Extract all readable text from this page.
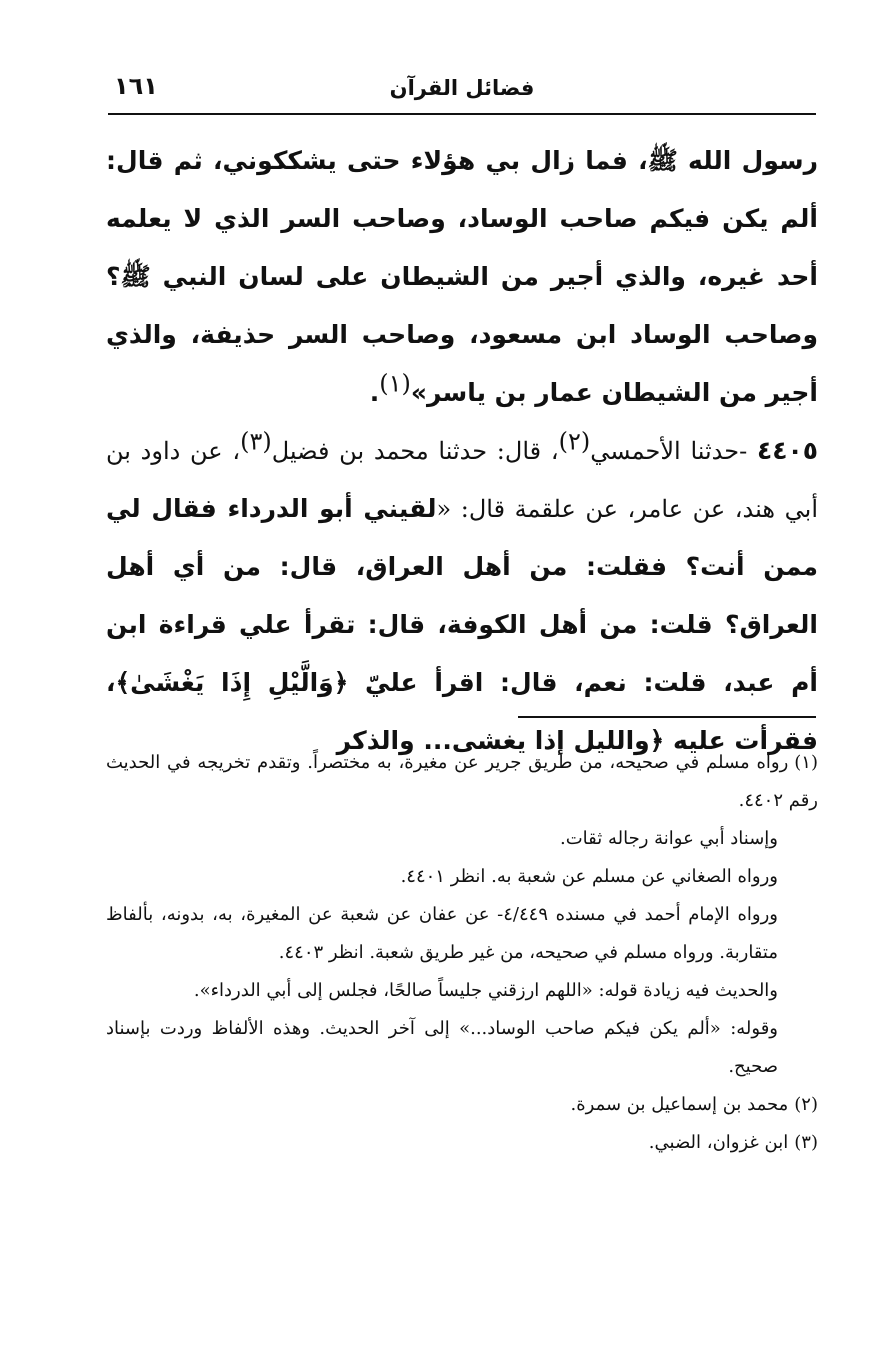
فضائل القرآن
١٦١

رسول الله ﷺ، فما زال بي هؤلاء حتى يشككوني، ثم قال: ألم يكن فيكم صاحب الوساد، وصاحب السر الذي لا يعلمه أحد غيره، والذي أجير من الشيطان على لسان النبي ﷺ؟ وصاحب الوساد ابن مسعود، وصاحب السر حذيفة، والذي أجير من الشيطان عمار بن ياسر»$^{(١)}$.

٤٤٠٥ -حدثنا الأحمسي$^{(٢)}$، قال: حدثنا محمد بن فضيل$^{(٣)}$، عن داود بن أبي هند، عن عامر، عن علقمة قال: «لقيني أبو الدرداء فقال لي ممن أنت؟ فقلت: من أهل العراق، قال: من أي أهل العراق؟ قلت: من أهل الكوفة، قال: تقرأ علي قراءة ابن أم عبد، قلت: نعم، قال: اقرأ عليّ ﴿وَالَّيْلِ إِذَا يَغْشَىٰ﴾، فقرأت عليه ﴿والليل إذا يغشى... والذكر

(١)رواه مسلم في صحيحه، من طريق جرير عن مغيرة، به مختصراً. وتقدم تخريجه في الحديث رقم ٤٤٠٢.

وإسناد أبي عوانة رجاله ثقات.

ورواه الصغاني عن مسلم عن شعبة به. انظر ٤٤٠١.

ورواه الإمام أحمد في مسنده ٤/٤٤٩- عن عفان عن شعبة عن المغيرة، به، بدونه، بألفاظ متقاربة. ورواه مسلم في صحيحه، من غير طريق شعبة. انظر ٤٤٠٣.

والحديث فيه زيادة قوله: «اللهم ارزقني جليساً صالحًا، فجلس إلى أبي الدرداء».

وقوله: «ألم يكن فيكم صاحب الوساد...» إلى آخر الحديث. وهذه الألفاظ وردت بإسناد صحيح.

(٢)محمد بن إسماعيل بن سمرة.

(٣)ابن غزوان، الضبي.
